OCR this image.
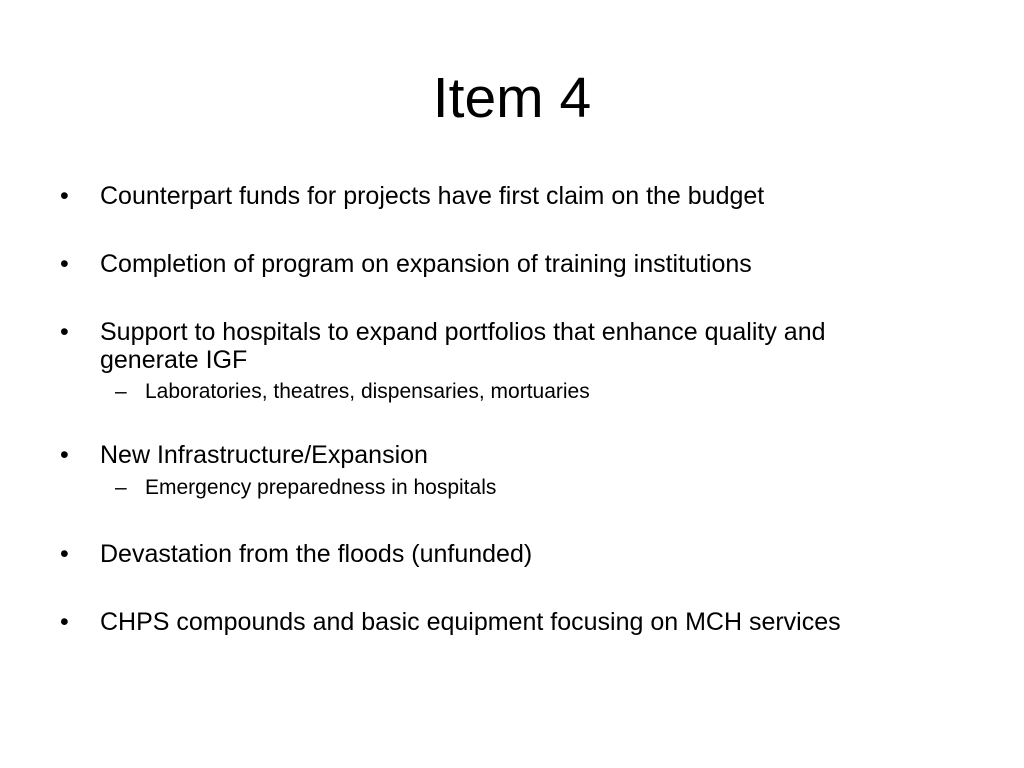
Item 4
• Counterpart funds for projects have first claim on the budget
• Completion of program on expansion of training institutions
• Support to hospitals to expand portfolios that enhance quality and
generate IGF
– Laboratories, theatres, dispensaries, mortuaries
• New Infrastructure/Expansion
– Emergency preparedness in hospitals
• Devastation from the floods (unfunded)
• CHPS compounds and basic equipment focusing on MCH services
